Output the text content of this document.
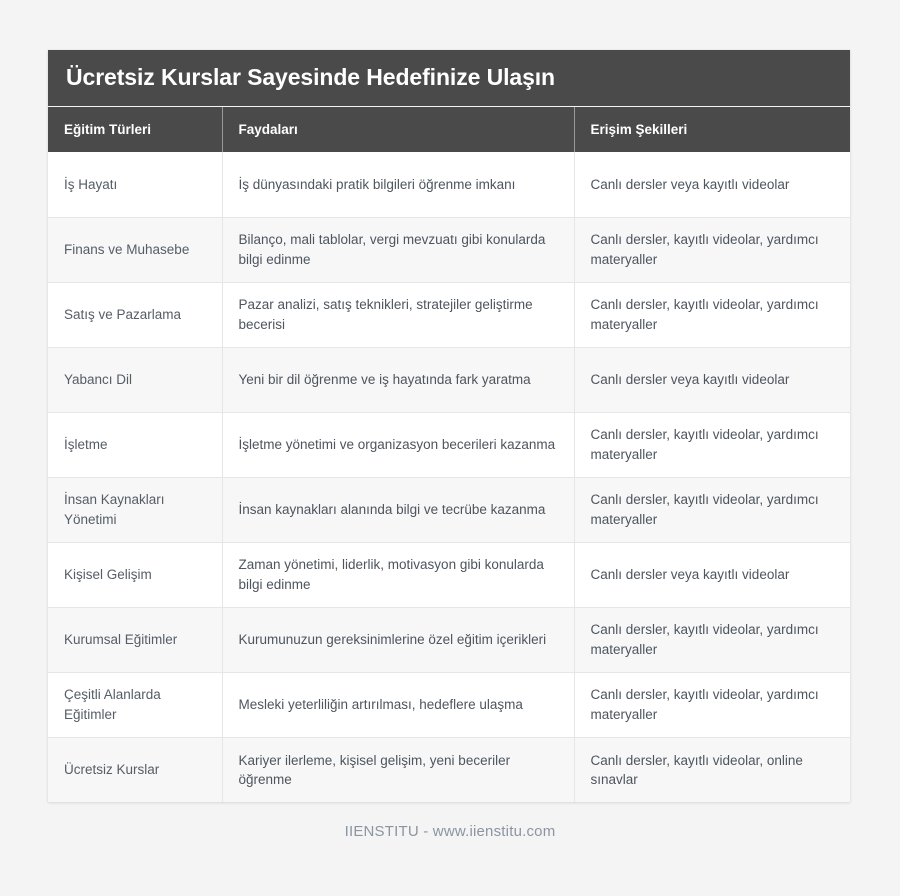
Ücretsiz Kurslar Sayesinde Hedefinize Ulaşın
Eğitim Türleri	Faydaları	Erişim Şekilleri
İş Hayatı	İş dünyasındaki pratik bilgileri öğrenme imkanı	Canlı dersler veya kayıtlı videolar
Finans ve Muhasebe	Bilanço, mali tablolar, vergi mevzuatı gibi konularda bilgi edinme	Canlı dersler, kayıtlı videolar, yardımcı materyaller
Satış ve Pazarlama	Pazar analizi, satış teknikleri, stratejiler geliştirme becerisi	Canlı dersler, kayıtlı videolar, yardımcı materyaller
Yabancı Dil	Yeni bir dil öğrenme ve iş hayatında fark yaratma	Canlı dersler veya kayıtlı videolar
İşletme	İşletme yönetimi ve organizasyon becerileri kazanma	Canlı dersler, kayıtlı videolar, yardımcı materyaller
İnsan Kaynakları Yönetimi	İnsan kaynakları alanında bilgi ve tecrübe kazanma	Canlı dersler, kayıtlı videolar, yardımcı materyaller
Kişisel Gelişim	Zaman yönetimi, liderlik, motivasyon gibi konularda bilgi edinme	Canlı dersler veya kayıtlı videolar
Kurumsal Eğitimler	Kurumunuzun gereksinimlerine özel eğitim içerikleri	Canlı dersler, kayıtlı videolar, yardımcı materyaller
Çeşitli Alanlarda Eğitimler	Mesleki yeterliliğin artırılması, hedeflere ulaşma	Canlı dersler, kayıtlı videolar, yardımcı materyaller
Ücretsiz Kurslar	Kariyer ilerleme, kişisel gelişim, yeni beceriler öğrenme	Canlı dersler, kayıtlı videolar, online sınavlar
IIENSTITU - www.iienstitu.com
